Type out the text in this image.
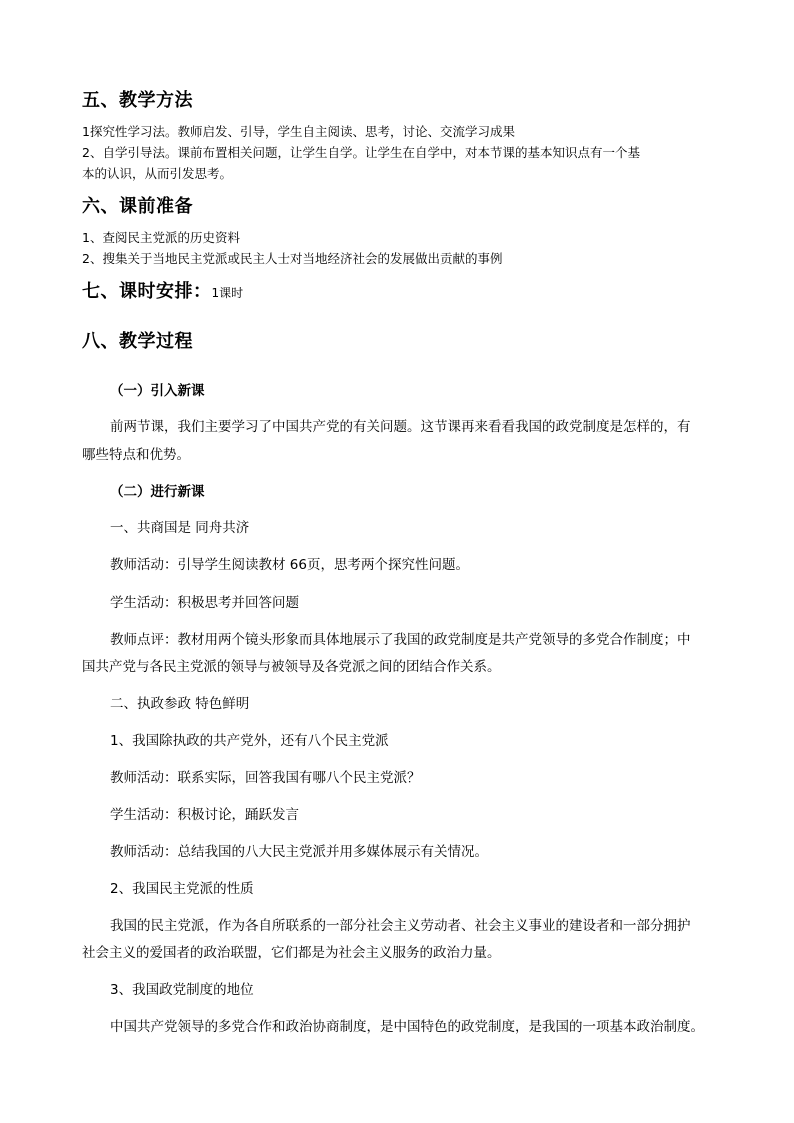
五、教学方法
1探究性学习法。教师启发、引导，学生自主阅读、思考，讨论、交流学习成果
2、自学引导法。课前布置相关问题，让学生自学。让学生在自学中，对本节课的基本知识点有一个基
本的认识，从而引发思考。
六、课前准备
1、查阅民主党派的历史资料
2、搜集关于当地民主党派或民主人士对当地经济社会的发展做出贡献的事例
七、课时安排：1课时
八、教学过程
（一）引入新课
前两节课，我们主要学习了中国共产党的有关问题。这节课再来看看我国的政党制度是怎样的，有
哪些特点和优势。
（二）进行新课
一、共商国是 同舟共济
教师活动：引导学生阅读教材 66页，思考两个探究性问题。
学生活动：积极思考并回答问题
教师点评：教材用两个镜头形象而具体地展示了我国的政党制度是共产党领导的多党合作制度；中
国共产党与各民主党派的领导与被领导及各党派之间的团结合作关系。
二、执政参政 特色鲜明
1、我国除执政的共产党外，还有八个民主党派
教师活动：联系实际，回答我国有哪八个民主党派？
学生活动：积极讨论，踊跃发言
教师活动：总结我国的八大民主党派并用多媒体展示有关情况。
2、我国民主党派的性质
我国的民主党派，作为各自所联系的一部分社会主义劳动者、社会主义事业的建设者和一部分拥护
社会主义的爱国者的政治联盟，它们都是为社会主义服务的政治力量。
3、我国政党制度的地位
中国共产党领导的多党合作和政治协商制度，是中国特色的政党制度，是我国的一项基本政治制度。
